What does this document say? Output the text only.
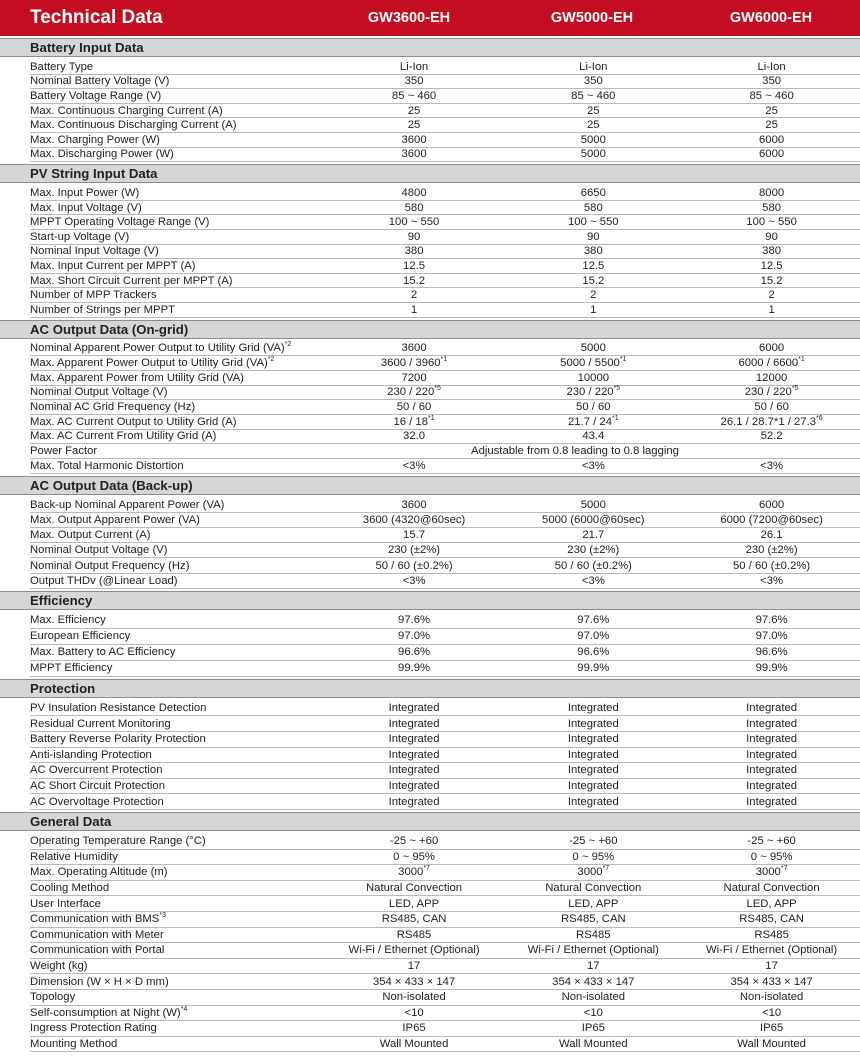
Technical Data	GW3600-EH	GW5000-EH	GW6000-EH
Battery Input Data
Battery Type	Li-Ion	Li-Ion	Li-Ion
Nominal Battery Voltage (V)	350	350	350
Battery Voltage Range (V)	85 ~ 460	85 ~ 460	85 ~ 460
Max. Continuous Charging Current (A)	25	25	25
Max. Continuous Discharging Current (A)	25	25	25
Max. Charging Power (W)	3600	5000	6000
Max. Discharging Power (W)	3600	5000	6000
PV String Input Data
Max. Input Power (W)	4800	6650	8000
Max. Input Voltage (V)	580	580	580
MPPT Operating Voltage Range (V)	100 ~ 550	100 ~ 550	100 ~ 550
Start-up Voltage (V)	90	90	90
Nominal Input Voltage (V)	380	380	380
Max. Input Current per MPPT (A)	12.5	12.5	12.5
Max. Short Circuit Current per MPPT (A)	15.2	15.2	15.2
Number of MPP Trackers	2	2	2
Number of Strings per MPPT	1	1	1
AC Output Data (On-grid)
Nominal Apparent Power Output to Utility Grid (VA)$^{*2}$	3600	5000	6000
Max. Apparent Power Output to Utility Grid (VA)$^{*2}$	3600 / 3960$^{*1}$	5000 / 5500$^{*1}$	6000 / 6600$^{*1}$
Max. Apparent Power from Utility Grid (VA)	7200	10000	12000
Nominal Output Voltage (V)	230 / 220$^{*5}$	230 / 220$^{*5}$	230 / 220$^{*5}$
Nominal AC Grid Frequency (Hz)	50 / 60	50 / 60	50 / 60
Max. AC Current Output to Utility Grid (A)	16 / 18$^{*1}$	21.7 / 24$^{*1}$	26.1 / 28.7*1 / 27.3$^{*6}$
Max. AC Current From Utility Grid (A)	32.0	43.4	52.2
Power Factor	Adjustable from 0.8 leading to 0.8 lagging
Max. Total Harmonic Distortion	<3%	<3%	<3%
AC Output Data (Back-up)
Back-up Nominal Apparent Power (VA)	3600	5000	6000
Max. Output Apparent Power (VA)	3600 (4320@60sec)	5000 (6000@60sec)	6000 (7200@60sec)
Max. Output Current (A)	15.7	21.7	26.1
Nominal Output Voltage (V)	230 (±2%)	230 (±2%)	230 (±2%)
Nominal Output Frequency (Hz)	50 / 60 (±0.2%)	50 / 60 (±0.2%)	50 / 60 (±0.2%)
Output THDv (@Linear Load)	<3%	<3%	<3%
Efficiency
Max. Efficiency	97.6%	97.6%	97.6%
European Efficiency	97.0%	97.0%	97.0%
Max. Battery to AC Efficiency	96.6%	96.6%	96.6%
MPPT Efficiency	99.9%	99.9%	99.9%
Protection
PV Insulation Resistance Detection	Integrated	Integrated	Integrated
Residual Current Monitoring	Integrated	Integrated	Integrated
Battery Reverse Polarity Protection	Integrated	Integrated	Integrated
Anti-islanding Protection	Integrated	Integrated	Integrated
AC Overcurrent Protection	Integrated	Integrated	Integrated
AC Short Circuit Protection	Integrated	Integrated	Integrated
AC Overvoltage Protection	Integrated	Integrated	Integrated
General Data
Operating Temperature Range (°C)	-25 ~ +60	-25 ~ +60	-25 ~ +60
Relative Humidity	0 ~ 95%	0 ~ 95%	0 ~ 95%
Max. Operating Altitude (m)	3000$^{*7}$	3000$^{*7}$	3000$^{*7}$
Cooling Method	Natural Convection	Natural Convection	Natural Convection
User Interface	LED, APP	LED, APP	LED, APP
Communication with BMS$^{*3}$	RS485, CAN	RS485, CAN	RS485, CAN
Communication with Meter	RS485	RS485	RS485
Communication with Portal	Wi-Fi / Ethernet (Optional)	Wi-Fi / Ethernet (Optional)	Wi-Fi / Ethernet (Optional)
Weight (kg)	17	17	17
Dimension (W × H × D mm)	354 × 433 × 147	354 × 433 × 147	354 × 433 × 147
Topology	Non-isolated	Non-isolated	Non-isolated
Self-consumption at Night $(W)^{*4}$	<10	<10	<10
Ingress Protection Rating	IP65	IP65	IP65
Mounting Method	Wall Mounted	Wall Mounted	Wall Mounted
